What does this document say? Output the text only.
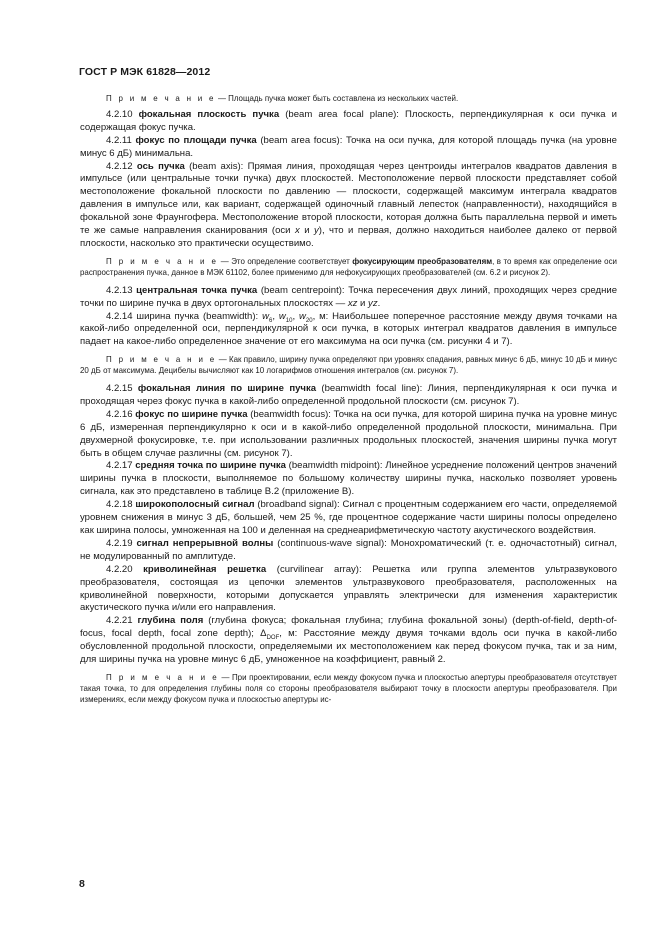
ГОСТ Р МЭК 61828—2012

П р и м е ч а н и е — Площадь пучка может быть составлена из нескольких частей.

4.2.10 фокальная плоскость пучка (beam area focal plane): Плоскость, перпендикулярная к оси пучка и содержащая фокус пучка.

4.2.11 фокус по площади пучка (beam area focus): Точка на оси пучка, для которой площадь пучка (на уровне минус 6 дБ) минимальна.

4.2.12 ось пучка (beam axis): Прямая линия, проходящая через центроиды интегралов квадратов давления в импульсе (или центральные точки пучка) двух плоскостей. Местоположение первой плоскости представляет собой местоположение фокальной плоскости по давлению — плоскости, содержащей максимум интеграла квадратов давления в импульсе или, как вариант, содержащей одиночный главный лепесток (направленности), находящийся в фокальной зоне Фраунгофера. Местоположение второй плоскости, которая должна быть параллельна первой и иметь те же самые направления сканирования (оси x и y), что и первая, должно находиться наиболее далеко от первой плоскости, насколько это практически осуществимо.

П р и м е ч а н и е — Это определение соответствует фокусирующим преобразователям, в то время как определение оси распространения пучка, данное в МЭК 61102, более применимо для нефокусирующих преобразователей (см. 6.2 и рисунок 2).

4.2.13 центральная точка пучка (beam centrepoint): Точка пересечения двух линий, проходящих через средние точки по ширине пучка в двух ортогональных плоскостях — xz и yz.

4.2.14 ширина пучка (beamwidth): $w_6$, $w_{10}$, $w_{20}$, м: Наибольшее поперечное расстояние между двумя точками на какой-либо определенной оси, перпендикулярной к оси пучка, в которых интеграл квадратов давления в импульсе падает на какое-либо определенное значение от его максимума на оси пучка (см. рисунки 4 и 7).

П р и м е ч а н и е — Как правило, ширину пучка определяют при уровнях спадания, равных минус 6 дБ, минус 10 дБ и минус 20 дБ от максимума. Децибелы вычисляют как 10 логарифмов отношения интегралов (см. рисунок 7).

4.2.15 фокальная линия по ширине пучка (beamwidth focal line): Линия, перпендикулярная к оси пучка и проходящая через фокус пучка в какой-либо определенной продольной плоскости (см. рисунок 7).

4.2.16 фокус по ширине пучка (beamwidth focus): Точка на оси пучка, для которой ширина пучка на уровне минус 6 дБ, измеренная перпендикулярно к оси и в какой-либо определенной продольной плоскости, минимальна. При двухмерной фокусировке, т.е. при использовании различных продольных плоскостей, значения ширины пучка могут быть в общем случае различны (см. рисунок 7).

4.2.17 средняя точка по ширине пучка (beamwidth midpoint): Линейное усреднение положений центров значений ширины пучка в плоскости, выполняемое по большому количеству ширины пучка, насколько позволяет уровень сигнала, как это представлено в таблице В.2 (приложение В).

4.2.18 широкополосный сигнал (broadband signal): Сигнал с процентным содержанием его части, определяемой уровнем снижения в минус 3 дБ, большей, чем 25 %, где процентное содержание части ширины полосы определено как ширина полосы, умноженная на 100 и деленная на среднеарифметическую частоту акустического воздействия.

4.2.19 сигнал непрерывной волны (continuous-wave signal): Монохроматический (т. е. одночастотный) сигнал, не модулированный по амплитуде.

4.2.20 криволинейная решетка (curvilinear array): Решетка или группа элементов ультразвукового преобразователя, состоящая из цепочки элементов ультразвукового преобразователя, расположенных на криволинейной поверхности, которыми допускается управлять электрически для изменения характеристик акустического пучка и/или его направления.

4.2.21 глубина поля (глубина фокуса; фокальная глубина; глубина фокальной зоны) (depth-of-field, depth-of-focus, focal depth, focal zone depth); $\Delta_{DOF}$, м: Расстояние между двумя точками вдоль оси пучка в какой-либо обусловленной продольной плоскости, определяемыми их местоположением как перед фокусом пучка, так и за ним, для ширины пучка на уровне минус 6 дБ, умноженное на коэффициент, равный 2.

П р и м е ч а н и е — При проектировании, если между фокусом пучка и плоскостью апертуры преобразователя отсутствует такая точка, то для определения глубины поля со стороны преобразователя выбирают точку в плоскости апертуры преобразователя. При измерениях, если между фокусом пучка и плоскостью апертуры ис-

8
